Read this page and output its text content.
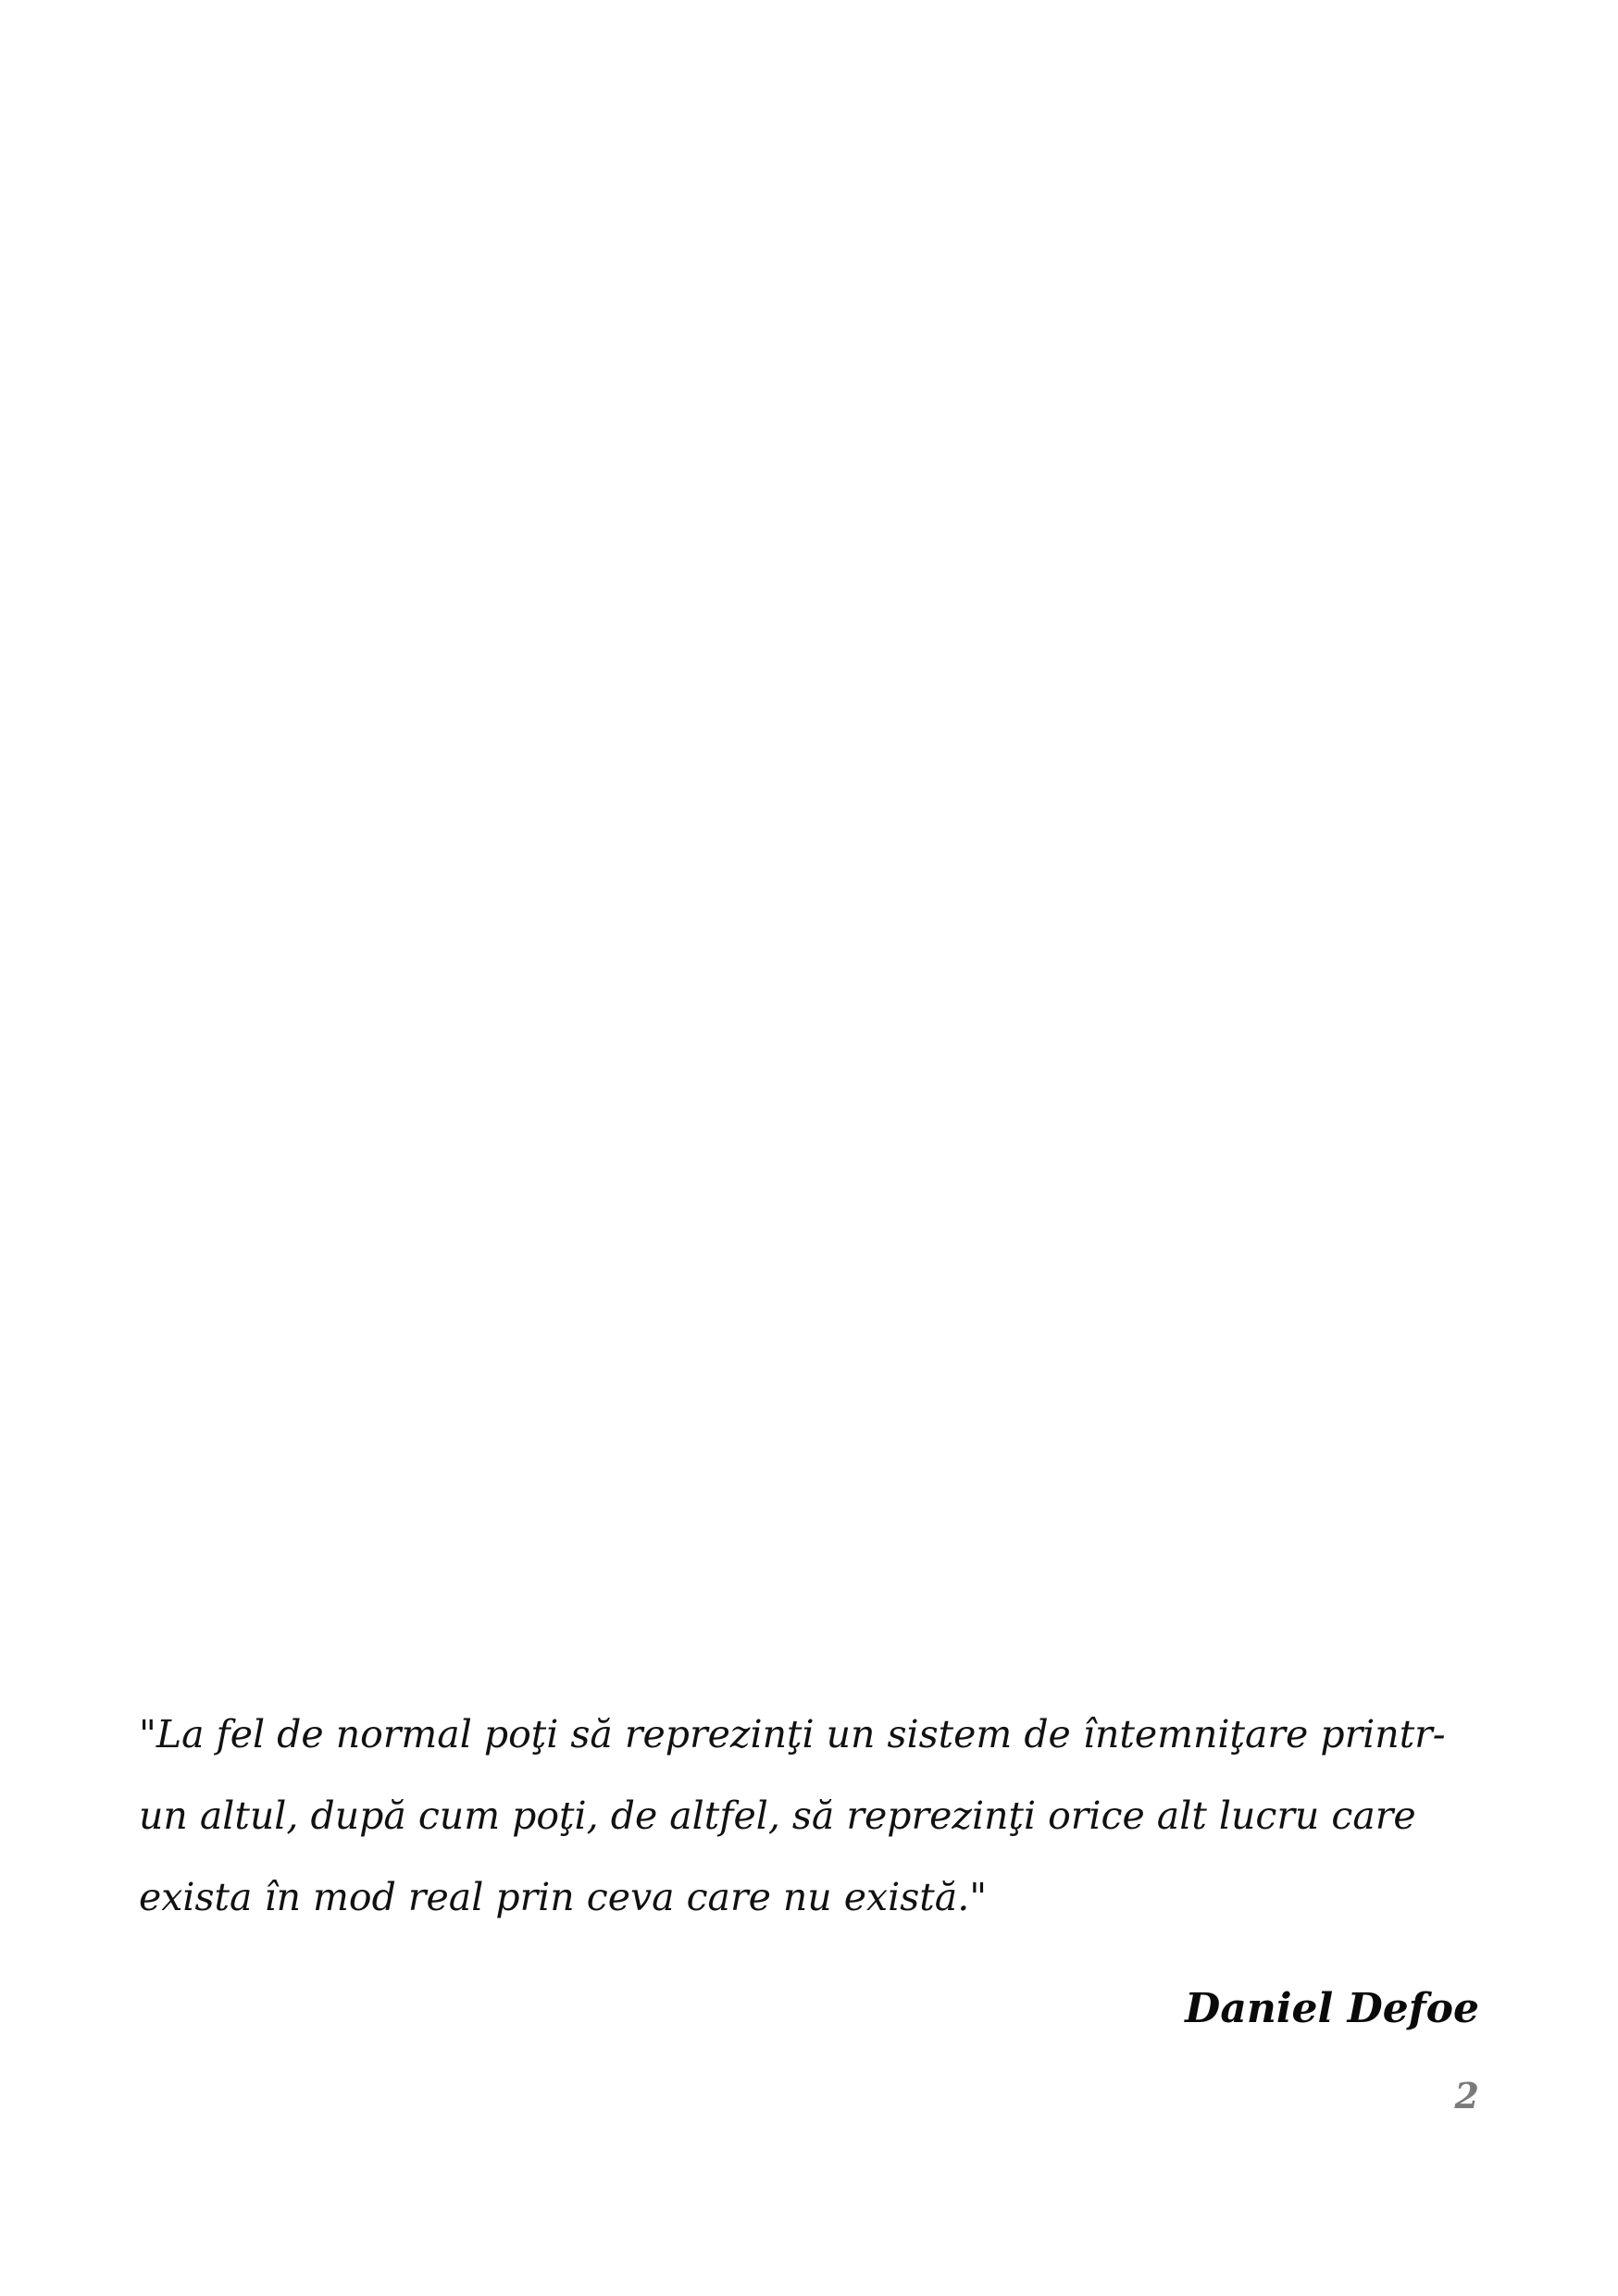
"La fel de normal poţi să reprezinţi un sistem de întemniţare printr-
un altul, după cum poţi, de altfel, să reprezinţi orice alt lucru care
exista în mod real prin ceva care nu există."

Daniel Defoe

2
